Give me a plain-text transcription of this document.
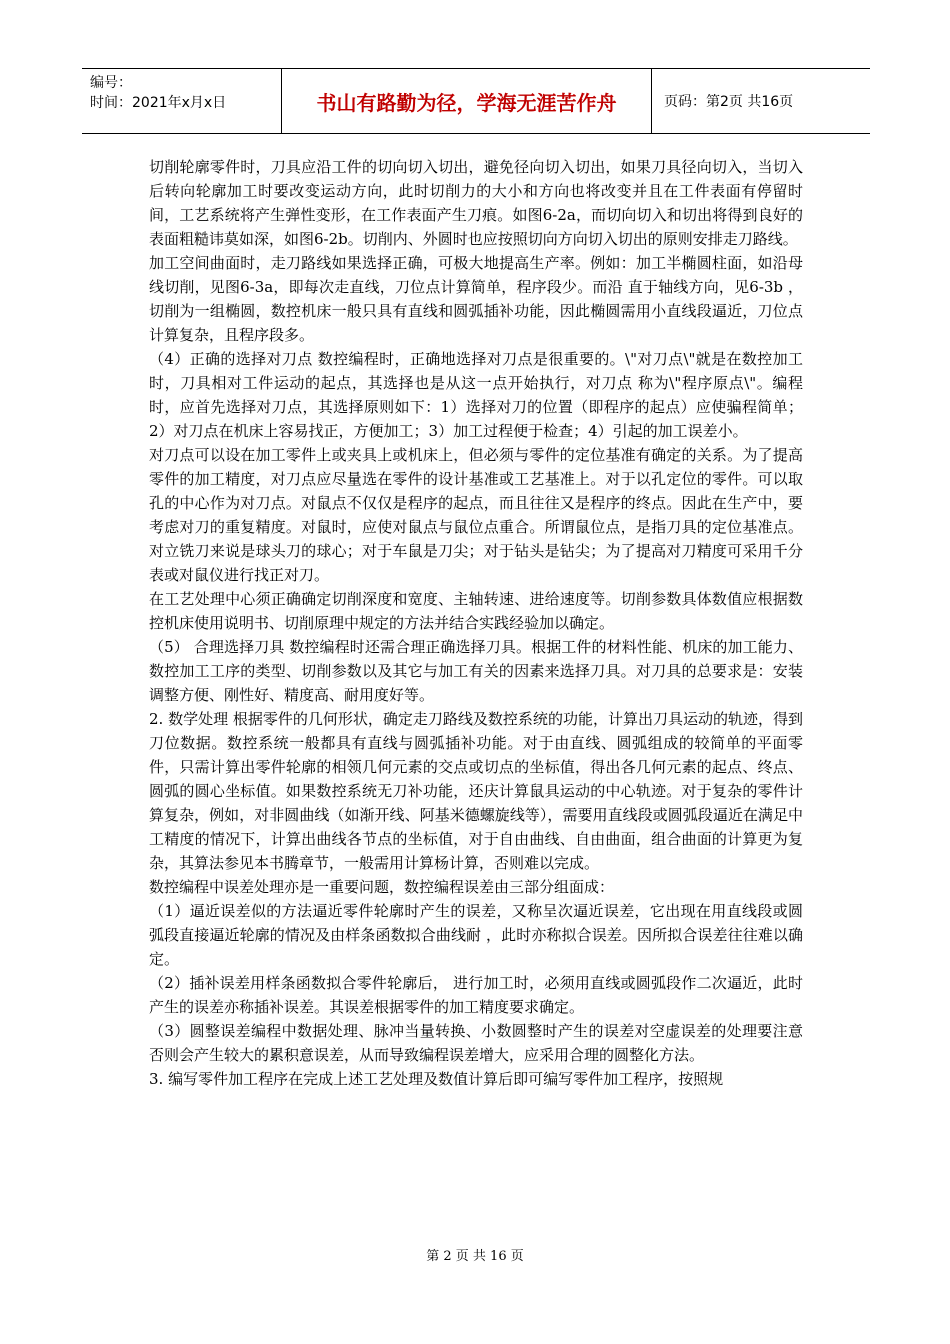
编号：
时间：2021年x月x日	书山有路勤为径，学海无涯苦作舟	页码：第2页 共16页

切削轮廓零件时，刀具应沿工件的切向切入切出，避免径向切入切出，如果刀具径向切入，当切入后转向轮廓加工时要改变运动方向，此时切削力的大小和方向也将改变并且在工件表面有停留时间，工艺系统将产生弹性变形，在工作表面产生刀痕。如图6-2a，而切向切入和切出将得到良好的表面粗糙讳莫如深，如图6-2b。切削内、外圆时也应按照切向方向切入切出的原则安排走刀路线。

加工空间曲面时，走刀路线如果选择正确，可极大地提高生产率。例如：加工半椭圆柱面，如沿母线切削，见图6-3a，即每次走直线，刀位点计算简单，程序段少。而沿 直于轴线方向，见6-3b ，切削为一组椭圆，数控机床一般只具有直线和圆弧插补功能，因此椭圆需用小直线段逼近，刀位点计算复杂，且程序段多。

（4）正确的选择对刀点 数控编程时，正确地选择对刀点是很重要的。\"对刀点\"就是在数控加工时，刀具相对工件运动的起点，其选择也是从这一点开始执行，对刀点 称为\"程序原点\"。编程时，应首先选择对刀点，其选择原则如下：1）选择对刀的位置（即程序的起点）应使骗程简单；2）对刀点在机床上容易找正，方便加工；3）加工过程便于检查；4）引起的加工误差小。

对刀点可以设在加工零件上或夹具上或机床上，但必须与零件的定位基准有确定的关系。为了提高零件的加工精度，对刀点应尽量选在零件的设计基准或工艺基准上。对于以孔定位的零件。可以取孔的中心作为对刀点。对鼠点不仅仅是程序的起点，而且往往又是程序的终点。因此在生产中，要考虑对刀的重复精度。对鼠时，应使对鼠点与鼠位点重合。所谓鼠位点，是指刀具的定位基准点。对立铣刀来说是球头刀的球心；对于车鼠是刀尖；对于钻头是钻尖；为了提高对刀精度可采用千分表或对鼠仪进行找正对刀。

在工艺处理中心须正确确定切削深度和宽度、主轴转速、进给速度等。切削参数具体数值应根据数控机床使用说明书、切削原理中规定的方法并结合实践经验加以确定。

（5） 合理选择刀具 数控编程时还需合理正确选择刀具。根据工件的材料性能、机床的加工能力、数控加工工序的类型、切削参数以及其它与加工有关的因素来选择刀具。对刀具的总要求是：安装调整方便、刚性好、精度高、耐用度好等。

2. 数学处理 根据零件的几何形状，确定走刀路线及数控系统的功能，计算出刀具运动的轨迹，得到刀位数据。数控系统一般都具有直线与圆弧插补功能。对于由直线、圆弧组成的较简单的平面零件，只需计算出零件轮廓的相领几何元素的交点或切点的坐标值，得出各几何元素的起点、终点、圆弧的圆心坐标值。如果数控系统无刀补功能，还庆计算鼠具运动的中心轨迹。对于复杂的零件计算复杂，例如，对非圆曲线（如渐开线、阿基米德螺旋线等），需要用直线段或圆弧段逼近在满足中工精度的情况下，计算出曲线各节点的坐标值，对于自由曲线、自由曲面，组合曲面的计算更为复杂，其算法参见本书腾章节，一般需用计算杨计算，否则难以完成。

数控编程中误差处理亦是一重要问题，数控编程误差由三部分组面成：

（1）逼近误差似的方法逼近零件轮廓时产生的误差，又称呈次逼近误差，它出现在用直线段或圆弧段直接逼近轮廓的情况及由样条函数拟合曲线耐 ，此时亦称拟合误差。因所拟合误差往往难以确定。

（2）插补误差用样条函数拟合零件轮廓后， 进行加工时，必须用直线或圆弧段作二次逼近，此时产生的误差亦称插补误差。其误差根据零件的加工精度要求确定。

（3）圆整误差编程中数据处理、脉冲当量转换、小数圆整时产生的误差对空虚误差的处理要注意否则会产生较大的累积意误差，从而导致编程误差增大，应采用合理的圆整化方法。

3. 编写零件加工程序在完成上述工艺处理及数值计算后即可编写零件加工程序，按照规

第 2 页 共 16 页
